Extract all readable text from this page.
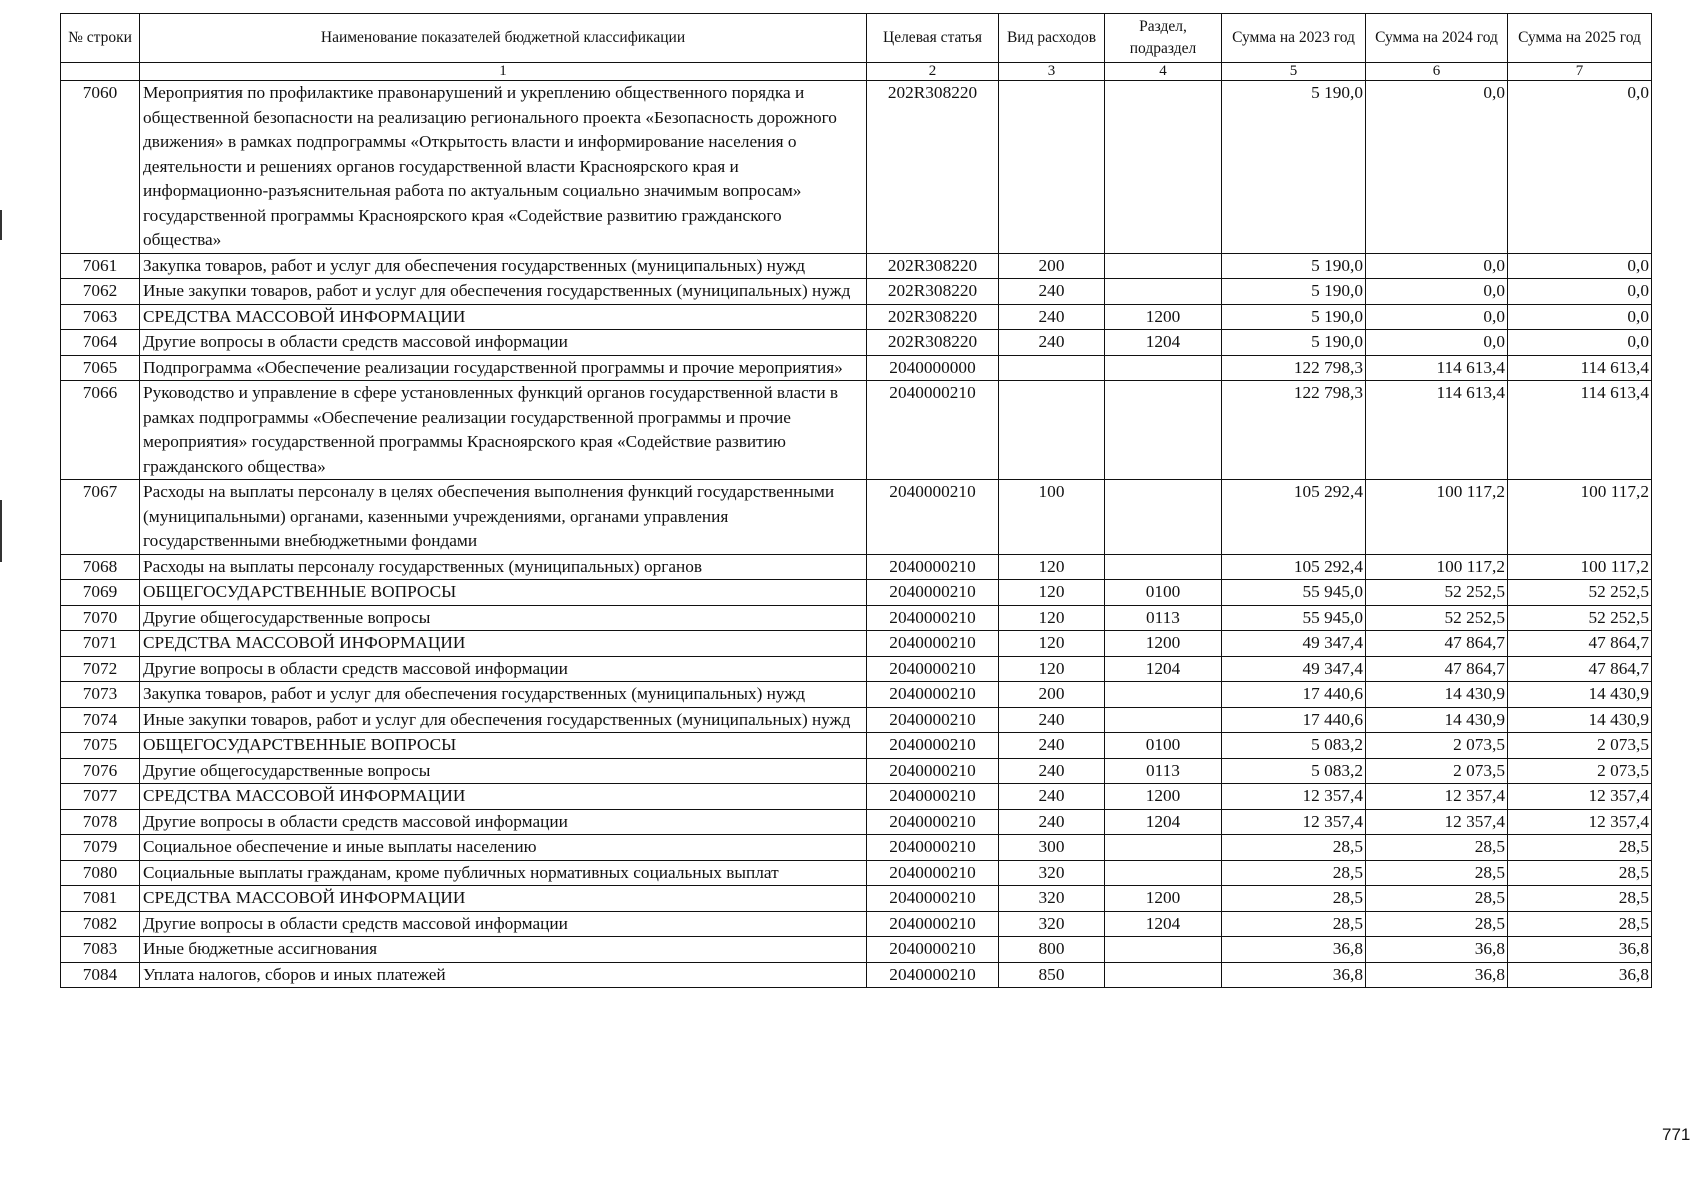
№ строки	Наименование показателей бюджетной классификации	Целевая статья	Вид расходов	Раздел, подраздел	Сумма на 2023 год	Сумма на 2024 год	Сумма на 2025 год
	1	2	3	4	5	6	7
7060	Мероприятия по профилактике правонарушений и укреплению общественного порядка и общественной безопасности на реализацию регионального проекта «Безопасность дорожного движения» в рамках подпрограммы «Открытость власти и информирование населения о деятельности и решениях органов государственной власти Красноярского края и информационно-разъяснительная работа по актуальным социально значимым вопросам» государственной программы Красноярского края «Содействие развитию гражданского общества»	202R308220			5 190,0	0,0	0,0
7061	Закупка товаров, работ и услуг для обеспечения государственных (муниципальных) нужд	202R308220	200		5 190,0	0,0	0,0
7062	Иные закупки товаров, работ и услуг для обеспечения государственных (муниципальных) нужд	202R308220	240		5 190,0	0,0	0,0
7063	СРЕДСТВА МАССОВОЙ ИНФОРМАЦИИ	202R308220	240	1200	5 190,0	0,0	0,0
7064	Другие вопросы в области средств массовой информации	202R308220	240	1204	5 190,0	0,0	0,0
7065	Подпрограмма «Обеспечение реализации государственной программы и прочие мероприятия»	2040000000			122 798,3	114 613,4	114 613,4
7066	Руководство и управление в сфере установленных функций органов государственной власти в рамках подпрограммы «Обеспечение реализации государственной программы и прочие мероприятия» государственной программы Красноярского края «Содействие развитию гражданского общества»	2040000210			122 798,3	114 613,4	114 613,4
7067	Расходы на выплаты персоналу в целях обеспечения выполнения функций государственными (муниципальными) органами, казенными учреждениями, органами управления государственными внебюджетными фондами	2040000210	100		105 292,4	100 117,2	100 117,2
7068	Расходы на выплаты персоналу государственных (муниципальных) органов	2040000210	120		105 292,4	100 117,2	100 117,2
7069	ОБЩЕГОСУДАРСТВЕННЫЕ ВОПРОСЫ	2040000210	120	0100	55 945,0	52 252,5	52 252,5
7070	Другие общегосударственные вопросы	2040000210	120	0113	55 945,0	52 252,5	52 252,5
7071	СРЕДСТВА МАССОВОЙ ИНФОРМАЦИИ	2040000210	120	1200	49 347,4	47 864,7	47 864,7
7072	Другие вопросы в области средств массовой информации	2040000210	120	1204	49 347,4	47 864,7	47 864,7
7073	Закупка товаров, работ и услуг для обеспечения государственных (муниципальных) нужд	2040000210	200		17 440,6	14 430,9	14 430,9
7074	Иные закупки товаров, работ и услуг для обеспечения государственных (муниципальных) нужд	2040000210	240		17 440,6	14 430,9	14 430,9
7075	ОБЩЕГОСУДАРСТВЕННЫЕ ВОПРОСЫ	2040000210	240	0100	5 083,2	2 073,5	2 073,5
7076	Другие общегосударственные вопросы	2040000210	240	0113	5 083,2	2 073,5	2 073,5
7077	СРЕДСТВА МАССОВОЙ ИНФОРМАЦИИ	2040000210	240	1200	12 357,4	12 357,4	12 357,4
7078	Другие вопросы в области средств массовой информации	2040000210	240	1204	12 357,4	12 357,4	12 357,4
7079	Социальное обеспечение и иные выплаты населению	2040000210	300		28,5	28,5	28,5
7080	Социальные выплаты гражданам, кроме публичных нормативных социальных выплат	2040000210	320		28,5	28,5	28,5
7081	СРЕДСТВА МАССОВОЙ ИНФОРМАЦИИ	2040000210	320	1200	28,5	28,5	28,5
7082	Другие вопросы в области средств массовой информации	2040000210	320	1204	28,5	28,5	28,5
7083	Иные бюджетные ассигнования	2040000210	800		36,8	36,8	36,8
7084	Уплата налогов, сборов и иных платежей	2040000210	850		36,8	36,8	36,8
771
